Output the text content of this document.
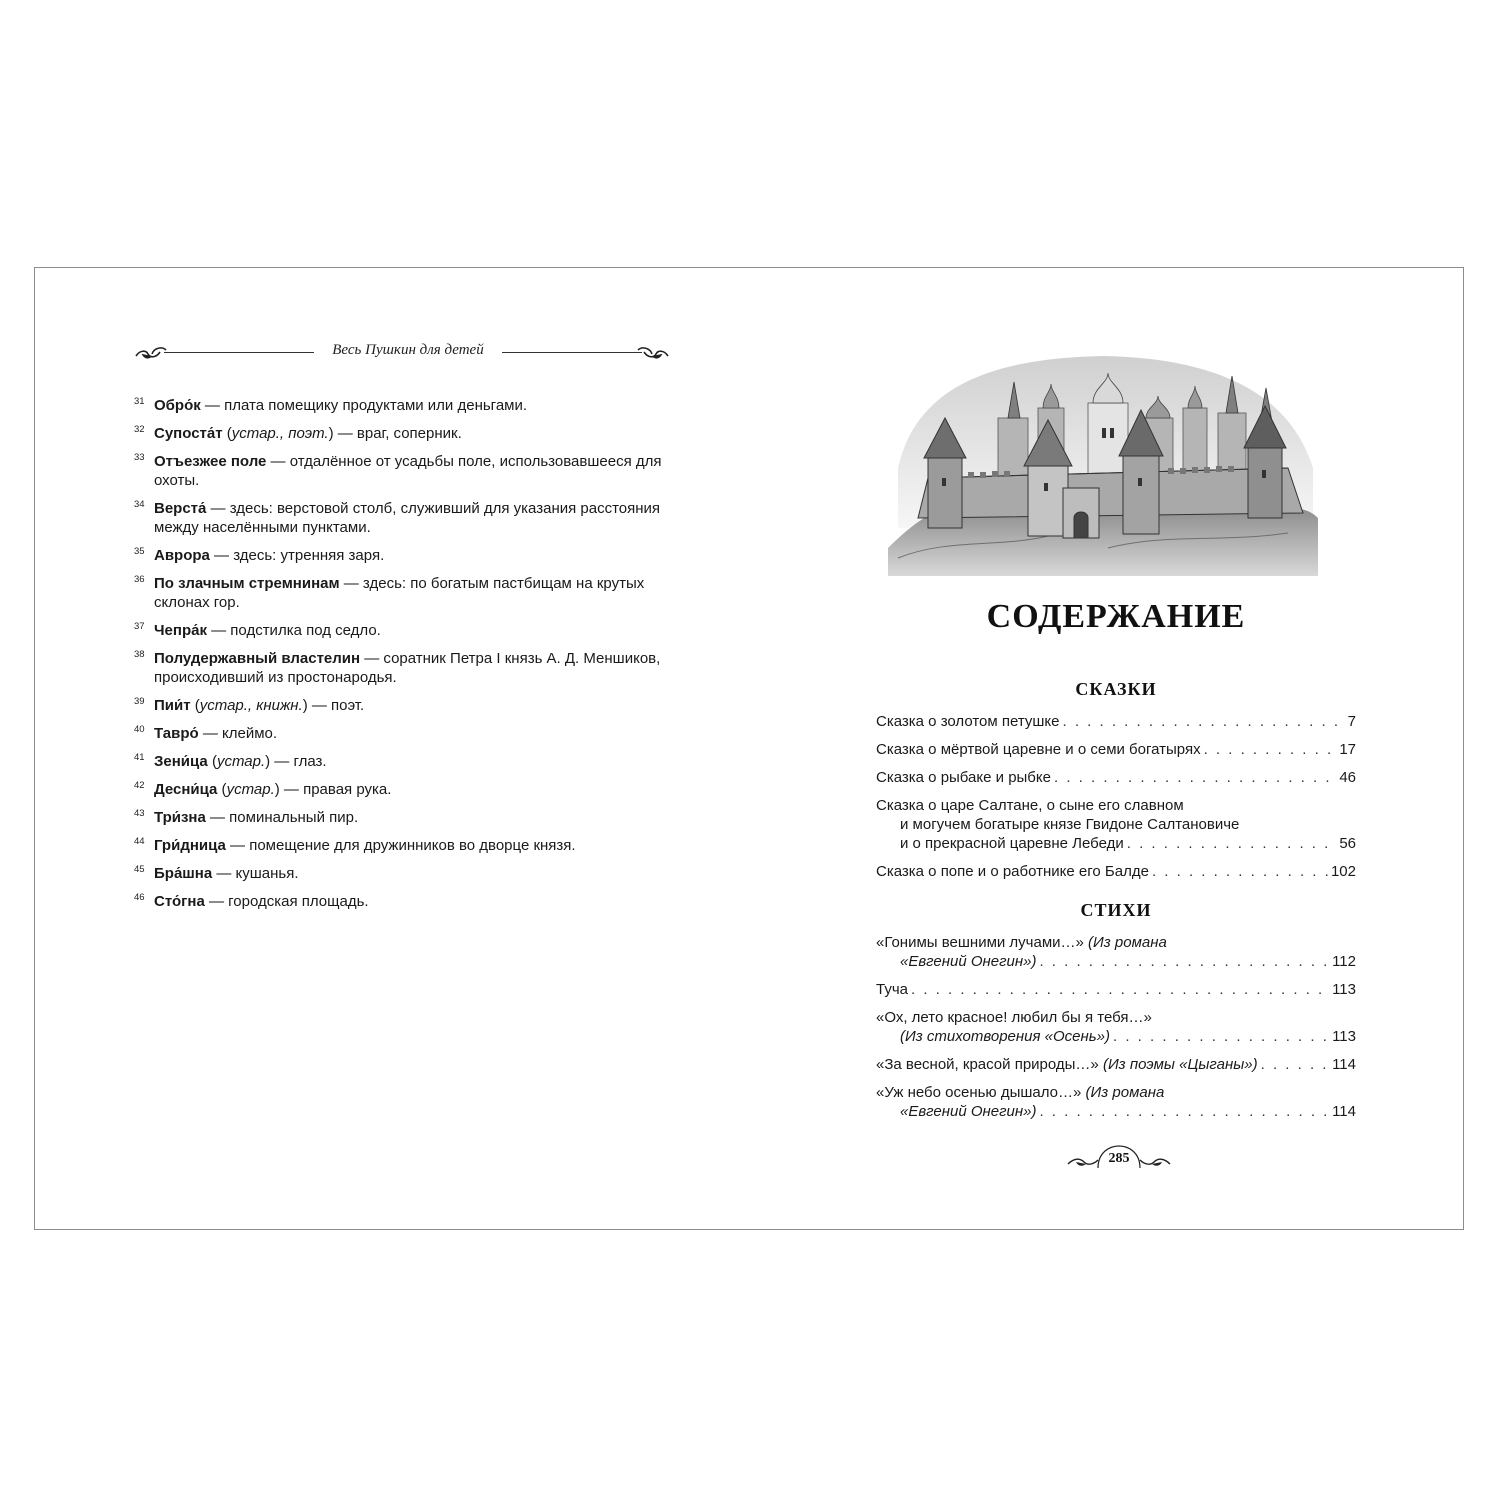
Весь Пушкин для детей
31 Обро́к — плата помещику продуктами или деньгами.
32 Супоста́т (устар., поэт.) — враг, соперник.
33 Отъезжее поле — отдалённое от усадьбы поле, использовавшееся для охоты.
34 Верста́ — здесь: верстовой столб, служивший для указания расстояния между населёнными пунктами.
35 Аврора — здесь: утренняя заря.
36 По злачным стремнинам — здесь: по богатым пастбищам на крутых склонах гор.
37 Чепра́к — подстилка под седло.
38 Полудержавный властелин — соратник Петра I князь А. Д. Меншиков, происходивший из простонародья.
39 Пии́т (устар., книжн.) — поэт.
40 Тавро́ — клеймо.
41 Зени́ца (устар.) — глаз.
42 Десни́ца (устар.) — правая рука.
43 Три́зна — поминальный пир.
44 Гри́дница — помещение для дружинников во дворце князя.
45 Бра́шна — кушанья.
46 Сто́гна — городская площадь.
СОДЕРЖАНИЕ
СКАЗКИ
Сказка о золотом петушке . . .	7
Сказка о мёртвой царевне и о семи богатырях . . .	17
Сказка о рыбаке и рыбке . . .	46
Сказка о царе Салтане, о сыне его славном
и могучем богатыре князе Гвидоне Салтановиче
и о прекрасной царевне Лебеди . . .	56
Сказка о попе и о работнике его Балде . . .	102
СТИХИ
«Гонимы вешними лучами…»
(Из романа
«Евгений Онегин») . . .	112
Туча . . .	113
«Ох, лето красное! любил бы я тебя…»
(Из стихотворения «Осень») . . .	113
«За весной, красой природы…»
(Из поэмы «Цыганы») . . .	114
«Уж небо осенью дышало…»
(Из романа
«Евгений Онегин») . . .	114
285
